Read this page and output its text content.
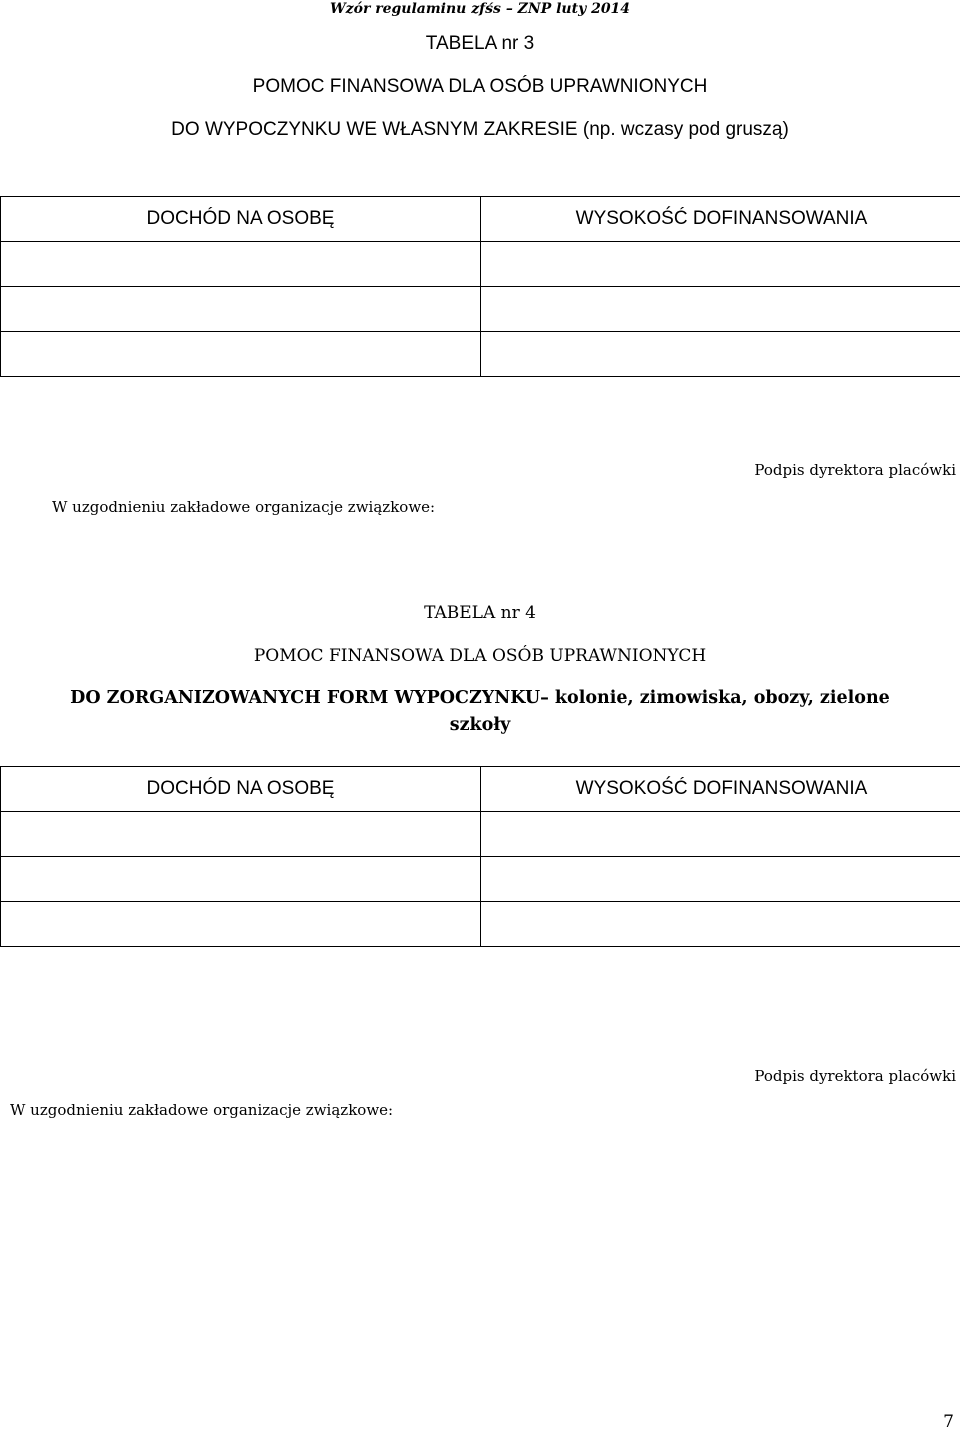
Wzór regulaminu zfśs – ZNP luty 2014
TABELA nr 3
POMOC FINANSOWA DLA OSÓB UPRAWNIONYCH
DO WYPOCZYNKU WE WŁASNYM ZAKRESIE (np. wczasy pod gruszą)
DOCHÓD NA OSOBĘ	WYSOKOŚĆ DOFINANSOWANIA

Podpis dyrektora placówki
W uzgodnieniu zakładowe organizacje związkowe:
TABELA nr 4
POMOC FINANSOWA DLA OSÓB UPRAWNIONYCH
DO ZORGANIZOWANYCH FORM WYPOCZYNKU– kolonie, zimowiska, obozy, zielone
szkoły
DOCHÓD NA OSOBĘ	WYSOKOŚĆ DOFINANSOWANIA

Podpis dyrektora placówki
W uzgodnieniu zakładowe organizacje związkowe:
7
